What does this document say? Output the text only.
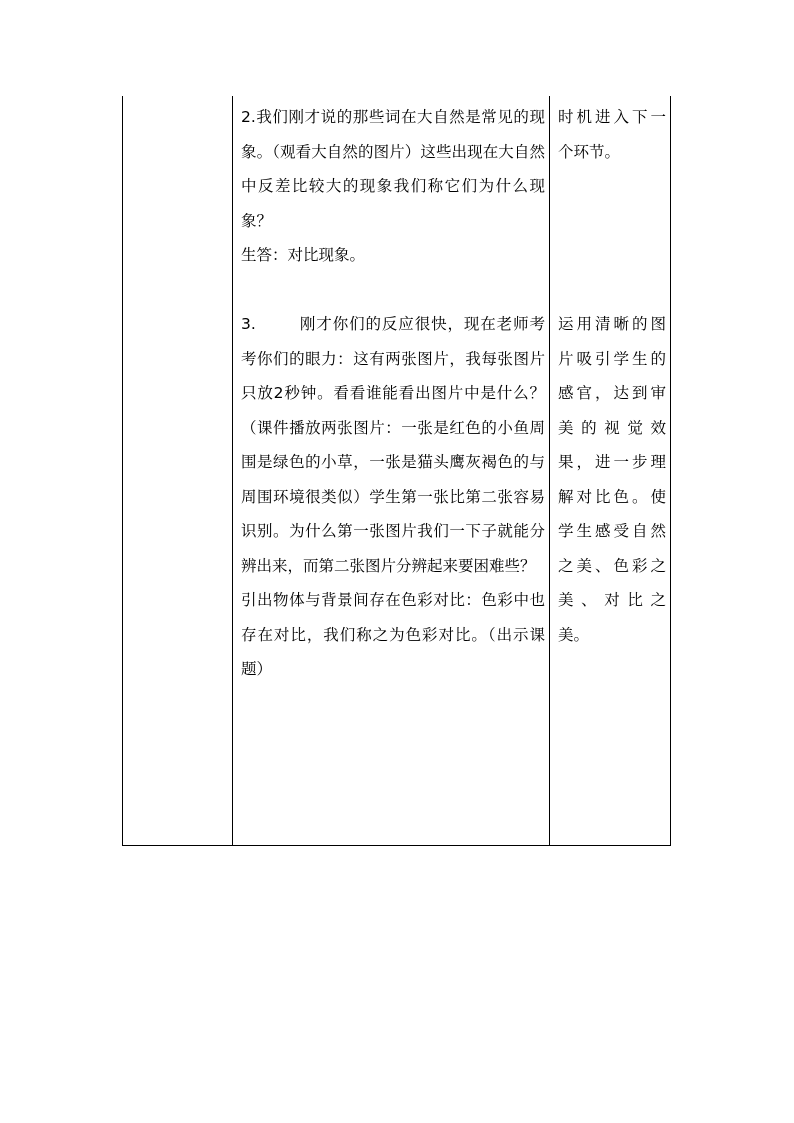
2.我们刚才说的那些词在大自然是常见的现象。（观看大自然的图片）这些出现在大自然中反差比较大的现象我们称它们为什么现象？

生答：对比现象。

3.	刚才你们的反应很快，现在老师考考你们的眼力：这有两张图片，我每张图片只放2秒钟。看看谁能看出图片中是什么？（课件播放两张图片：一张是红色的小鱼周围是绿色的小草，一张是猫头鹰灰褐色的与周围环境很类似）学生第一张比第二张容易识别。为什么第一张图片我们一下子就能分辨出来，而第二张图片分辨起来要困难些？

引出物体与背景间存在色彩对比：色彩中也存在对比，我们称之为色彩对比。（出示课题）

时机进入下一个环节。

运用清晰的图片吸引学生的感官，达到审美的视觉效果，进一步理解对比色。使学生感受自然之美、色彩之美、对比之美。
